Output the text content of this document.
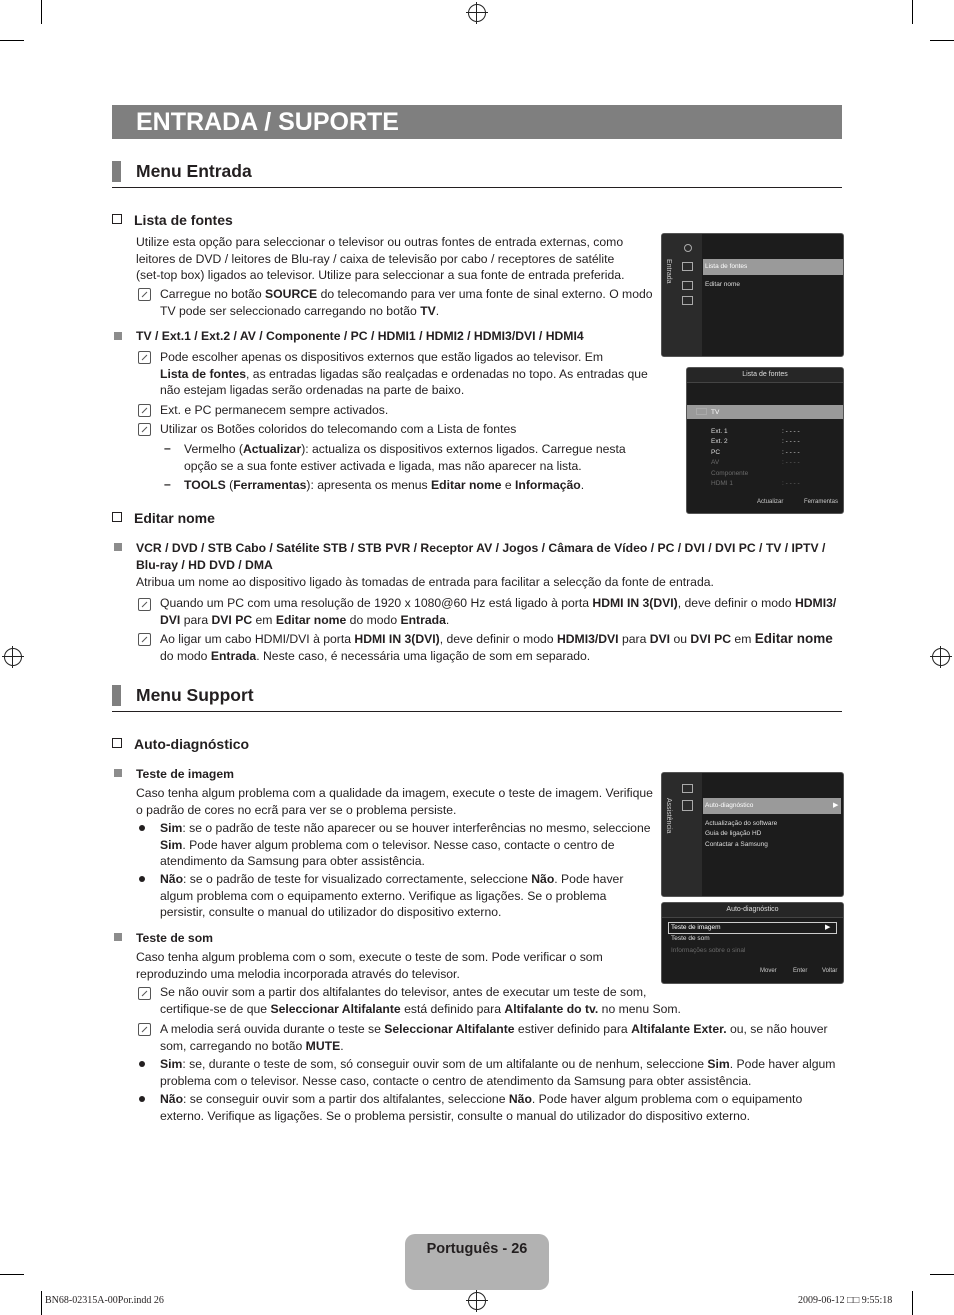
ENTRADA / SUPORTE
Menu Entrada
Lista de fontes
Utilize esta opção para seleccionar o televisor ou outras fontes de entrada externas, como
leitores de DVD / leitores de Blu-ray / caixa de televisão por cabo / receptores de satélite
(set-top box) ligados ao televisor. Utilize para seleccionar a sua fonte de entrada preferida.
Carregue no botão SOURCE do telecomando para ver uma fonte de sinal externo. O modo
TV pode ser seleccionado carregando no botão TV.
TV / Ext.1 / Ext.2 / AV / Componente / PC / HDMI1 / HDMI2 / HDMI3/DVI / HDMI4
Pode escolher apenas os dispositivos externos que estão ligados ao televisor. Em
Lista de fontes, as entradas ligadas são realçadas e ordenadas no topo. As entradas que
não estejam ligadas serão ordenadas na parte de baixo.
Ext. e PC permanecem sempre activados.
Utilizar os Botões coloridos do telecomando com a Lista de fontes
– Vermelho (Actualizar): actualiza os dispositivos externos ligados. Carregue nesta
opção se a sua fonte estiver activada e ligada, mas não aparecer na lista.
– TOOLS (Ferramentas): apresenta os menus Editar nome e Informação.
Entrada	Lista de fontes
Editar nome
Lista de fontes
TV
Ext. 1	: - - - -
Ext. 2	: - - - -
PC	: - - - -
AV	: - - - -
Componente
HDMI 1	: - - - -
Actualizar	Ferramentas
Editar nome
VCR / DVD / STB Cabo / Satélite STB / STB PVR / Receptor AV / Jogos / Câmara de Vídeo / PC / DVI / DVI PC / TV / IPTV /
Blu-ray / HD DVD / DMA
Atribua um nome ao dispositivo ligado às tomadas de entrada para facilitar a selecção da fonte de entrada.
Quando um PC com uma resolução de 1920 x 1080@60 Hz está ligado à porta HDMI IN 3(DVI), deve definir o modo HDMI3/
DVI para DVI PC em Editar nome do modo Entrada.
Ao ligar um cabo HDMI/DVI à porta HDMI IN 3(DVI), deve definir o modo HDMI3/DVI para DVI ou DVI PC em Editar nome
do modo Entrada. Neste caso, é necessária uma ligação de som em separado.
Menu Support
Auto-diagnóstico
Teste de imagem
Caso tenha algum problema com a qualidade da imagem, execute o teste de imagem. Verifique
o padrão de cores no ecrã para ver se o problema persiste.
Sim: se o padrão de teste não aparecer ou se houver interferências no mesmo, seleccione
Sim. Pode haver algum problema com o televisor. Nesse caso, contacte o centro de
atendimento da Samsung para obter assistência.
Não: se o padrão de teste for visualizado correctamente, seleccione Não. Pode haver
algum problema com o equipamento externo. Verifique as ligações. Se o problema
persistir, consulte o manual do utilizador do dispositivo externo.
Teste de som
Caso tenha algum problema com o som, execute o teste de som. Pode verificar o som
reproduzindo uma melodia incorporada através do televisor.
Se não ouvir som a partir dos altifalantes do televisor, antes de executar um teste de som,
certifique-se de que Seleccionar Altifalante está definido para Altifalante do tv. no menu Som.
A melodia será ouvida durante o teste se Seleccionar Altifalante estiver definido para Altifalante Exter. ou, se não houver
som, carregando no botão MUTE.
Sim: se, durante o teste de som, só conseguir ouvir som de um altifalante ou de nenhum, seleccione Sim. Pode haver algum
problema com o televisor. Nesse caso, contacte o centro de atendimento da Samsung para obter assistência.
Não: se conseguir ouvir som a partir dos altifalantes, seleccione Não. Pode haver algum problema com o equipamento
externo. Verifique as ligações. Se o problema persistir, consulte o manual do utilizador do dispositivo externo.
Assistência	Auto-diagnóstico	▶
Actualização do software
Guia de ligação HD
Contactar a Samsung
Auto-diagnóstico
Teste de imagem	▶
Teste de som
Informações sobre o sinal
Mover	Enter Voltar
Português - 26
BN68-02315A-00Por.indd 26	2009-06-12 □□ 9:55:18
